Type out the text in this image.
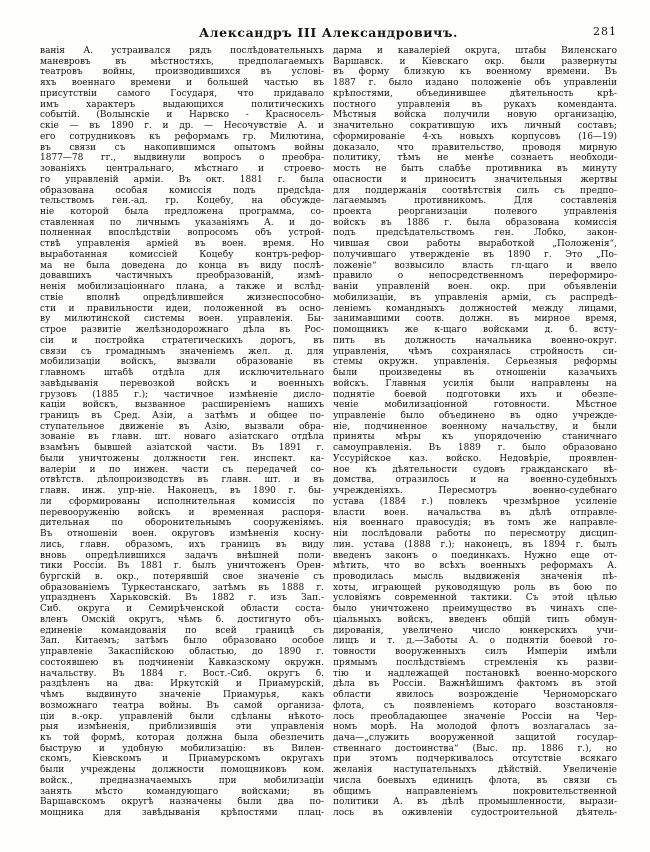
Александръ III Александровичъ.	281
ванія А. устраивался рядъ послѣдовательныхъ
маневровъ въ мѣстностяхъ, предполагаемыхъ
театровъ войны, производившихся въ услові-
яхъ военнаго времени и большей частью въ
присутствіи самого Государя, что придавало
имъ характеръ выдающихся политическихъ
событій. (Волынскіе и Нарвско - Красносель-
скіе — въ 1890 г. и др. — Несочувствіе А. и
его сотрудниковъ къ реформамъ гр. Милютина,
въ связи съ накопившимся опытомъ войны
1877—78 гг., выдвинули вопросъ о преобра-
зованіяхъ центральнаго, мѣстнаго и строево-
го управленій арміи. Въ окт. 1881 г. была
образована особая комиссія подъ предсѣда-
тельствомъ ген.-ад. гр. Коцебу, на обсужде-
ніе которой была предложена программа, со-
ставленная по личнымъ указаніямъ А. и до-
полненная впослѣдствіи вопросомъ объ устрой-
ствѣ управленія арміей въ воен. время. Но
выработанная комиссіей Коцебу контръ-рефор-
ма не была доведена до конца въ виду послѣ-
довавшихъ частичныхъ преобразованій, измѣ-
ненія мобилизаціоннаго плана, а также и вслѣд-
ствіе вполнѣ опредѣлившейся жизнеспособно-
сти и правильности идеи, положенной въ осно-
ву милютинской системы воен. управленія. Бы-
строе развитіе желѣзнодорожнаго дѣла въ Рос-
сіи и постройка стратегическихъ дорогъ, въ
связи съ громаднымъ значеніемъ жел. д. для
мобилизаціи войскъ, вызвали образованіе въ
главномъ штабѣ отдѣла для исключительнаго
завѣдыванія перевозкой войскъ и военныхъ
грузовъ (1885 г.); частичное измѣненіе дисло-
каціи войскъ, вызванное расширеніемъ нашихъ
границъ въ Сред. Азіи, а затѣмъ и общее по-
ступательное движеніе въ Азію, вызвали обра-
зованіе въ главн. шт. новаго азіатскаго отдѣла
взамѣнъ бывшей азіатской части. Въ 1891 г.
были уничтожены должности ген. инспект. ка-
валеріи и по инжен. части съ передачей со-
отвѣтств. дѣлопроизводствъ въ главн. шт. и въ
главн. инж. упр-ніе. Наконецъ, въ 1890 г. бы-
ли сформированы исполнительная комиссія по
перевооруженію войскъ и временная распоря-
дительная по оборонительнымъ сооруженіямъ.
Въ отношеніи воен. округовъ измѣненія косну-
лись, главн. образомъ, ихъ границъ въ виду
вновь опредѣлившихся задачъ внѣшней поли-
тики Россіи. Въ 1881 г. былъ уничтоженъ Орен-
бургскій в. окр., потерявшій свое значеніе съ
образованіемъ Туркестанскаго, затѣмъ въ 1888 г.
упраздненъ Харьковскій. Въ 1882 г. изъ Зап.-
Сиб. округа и Семирѣченской области соста-
вленъ Омскій округъ, чѣмъ б. достигнуто объ-
единеніе командованія по всей границѣ съ
Зап. Китаемъ; затѣмъ было образовано особое
управленіе Закаспійскою областью, до 1890 г.
состоявшею въ подчиненіи Кавказскому окружн.
начальству. Въ 1884 г. Вост.-Сиб. округъ б.
раздѣленъ на два: Иркутскій и Приамурскій,
чѣмъ выдвинуто значеніе Приамурья, какъ
возможнаго театра войны. Въ самой организа-
ціи в.-окр. управленій были сдѣланы нѣкото-
рыя измѣненія, приблизившія эти управленія
къ той формѣ, которая должна была обезпечить
быструю и удобную мобилизацію: въ Вилен-
скомъ, Кіевскомъ и Приамурскомъ округахъ
были учреждены должности помощниковъ ком.
войск., предназначаемыхъ при мобилизаціи
занять мѣсто командующаго войсками; въ
Варшавскомъ округѣ назначены были два по-
мощника для завѣдыванія крѣпостями плац-
дарма и кавалеріей округа, штабы Виленскаго
Варшавск. и Кіевскаго окр. были развернуты
въ форму близкую къ военному времени. Въ
1887 г. было издано положеніе объ управленіи
крѣпостями, объединившее дѣятельность крѣ-
постного управленія въ рукахъ коменданта.
Мѣстныя войска получили новую организацію,
значительно сократившую ихъ личный составъ;
сформированіе 4-хъ новыхъ корпусовъ (16—19)
доказало, что правительство, проводя мирную
политику, тѣмъ не менѣе сознаетъ необходи-
мость не быть слабѣе противника въ минуту
опасности и приноситъ значительныя жертвы
для поддержанія соотвѣтствія силъ съ предпо-
лагаемымъ противникомъ. Для составленія
проекта реорганизаціи полевого управленія
войскъ въ 1886 г. была образована комиссія
подъ предсѣдательствомъ ген. Лобко, закон-
чившая свои работы выработкой „Положенія“,
получившаго утвержденіе въ 1890 г. Это „По-
ложеніе“ возвысило власть гл-щаго и ввело
правило о непосредственномъ переформиро-
ваніи управленій воен. окр. при объявленіи
мобилизаціи, въ управленія арміи, съ распредѣ-
леніемъ командныхъ должностей между лицами,
занимавшими соотв. должн. въ мирное время,
помощникъ же к-щаго войсками д. б. всту-
пить въ должность начальника военно-округ.
управленія, чѣмъ сохранялась стройность си-
стемы окружн. управленія. Серьезныя реформы
были произведены въ отношеніи казачьихъ
войскъ. Главныя усилія были направлены на
поднятіе боевой подготовки ихъ и обезпе-
ченіе мобилизаціонной готовности. Мѣстное
управленіе было объединено въ одно учрежде-
ніе, подчиненное военному начальству, и были
приняты мѣры къ упорядоченію станичнаго
самоуправленія. Въ 1889 г. было образовано
Уссурійское каз. войско. Недовѣріе, проявлен-
ное къ дѣятельности судовъ гражданскаго вѣ-
домства, отразилось и на военно-судебныхъ
учрежденіяхъ. Пересмотръ военно-судебнаго
устава (1884 г.) повлекъ чрезмѣрное усиленіе
власти воен. начальства въ дѣлѣ отправле-
нія военнаго правосудія; въ томъ же направле-
ніи послѣдовали работы по пересмотру дисцип-
лин. устава (1888 г.); наконецъ, въ 1894 г. былъ
введенъ законъ о поединкахъ. Нужно еще от-
мѣтить, что во всѣхъ военныхъ реформахъ А.
проводилась мысль выдвиженія значенія пѣ-
хоты, играющей руководящую роль въ бою по
условіямъ современной тактики. Съ этой цѣлью
было уничтожено преимущество въ чинахъ спе-
ціальныхъ войскъ, введенъ общій типъ обмун-
дированія, увеличено число юнкерскихъ учи-
лищъ и т. д.—Заботы А. о поднятіи боевой го-
товности вооруженныхъ силъ Имперіи имѣли
прямымъ послѣдствіемъ стремленія къ разви-
тію и надлежащей постановкѣ военно-морского
дѣла въ Россіи. Важнѣйшимъ фактомъ въ этой
области явилось возрожденіе Черноморскаго
флота, съ появленіемъ котораго возстановля-
лось преобладающее значеніе Россіи на Чер-
номъ морѣ. На молодой флотъ возлагалась за-
дача—„служить вооруженной защитой государ-
ственнаго достоинства“ (Выс. пр. 1886 г.), но
при этомъ подчеркивалось отсутствіе всякаго
желанія наступательныхъ дѣйствій. Увеличеніе
числа боевыхъ единицъ флота, въ связи съ
общимъ направленіемъ покровительственной
политики А. въ дѣлѣ промышленности, вырази-
лось въ оживленіи судостроительной дѣятель-
